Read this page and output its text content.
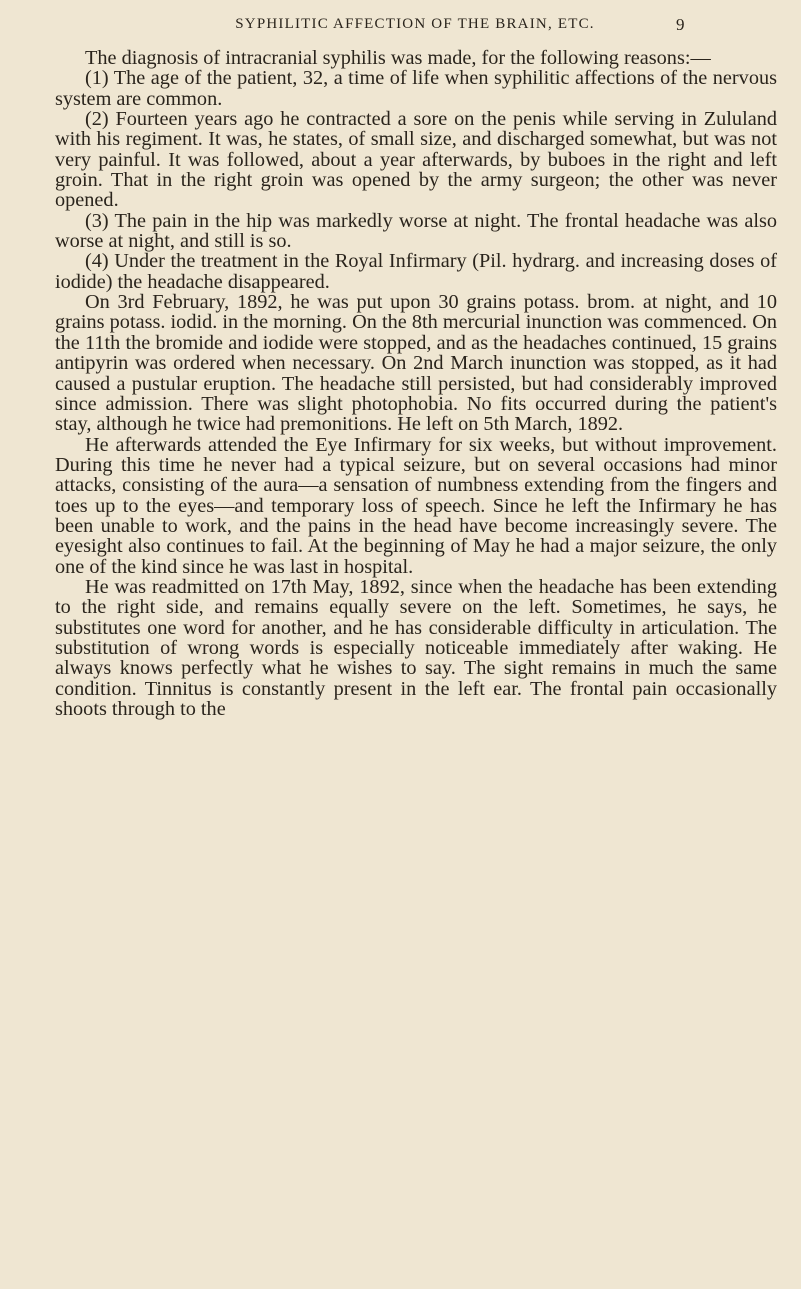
SYPHILITIC AFFECTION OF THE BRAIN, ETC.	9

The diagnosis of intracranial syphilis was made, for the following reasons:—

(1) The age of the patient, 32, a time of life when syphilitic affections of the nervous system are common.

(2) Fourteen years ago he contracted a sore on the penis while serving in Zululand with his regiment. It was, he states, of small size, and discharged somewhat, but was not very painful. It was followed, about a year afterwards, by buboes in the right and left groin. That in the right groin was opened by the army surgeon; the other was never opened.

(3) The pain in the hip was markedly worse at night. The frontal headache was also worse at night, and still is so.

(4) Under the treatment in the Royal Infirmary (Pil. hydrarg. and increasing doses of iodide) the headache disappeared.

On 3rd February, 1892, he was put upon 30 grains potass. brom. at night, and 10 grains potass. iodid. in the morning. On the 8th mercurial inunction was commenced. On the 11th the bromide and iodide were stopped, and as the headaches continued, 15 grains antipyrin was ordered when necessary. On 2nd March inunction was stopped, as it had caused a pustular eruption. The headache still persisted, but had considerably improved since admission. There was slight photophobia. No fits occurred during the patient's stay, although he twice had premonitions. He left on 5th March, 1892.

He afterwards attended the Eye Infirmary for six weeks, but without improvement. During this time he never had a typical seizure, but on several occasions had minor attacks, consisting of the aura—a sensation of numbness extending from the fingers and toes up to the eyes—and temporary loss of speech. Since he left the Infirmary he has been unable to work, and the pains in the head have become increasingly severe. The eyesight also continues to fail. At the beginning of May he had a major seizure, the only one of the kind since he was last in hospital.

He was readmitted on 17th May, 1892, since when the headache has been extending to the right side, and remains equally severe on the left. Sometimes, he says, he substitutes one word for another, and he has considerable difficulty in articulation. The substitution of wrong words is especially noticeable immediately after waking. He always knows perfectly what he wishes to say. The sight remains in much the same condition. Tinnitus is constantly present in the left ear. The frontal pain occasionally shoots through to the
